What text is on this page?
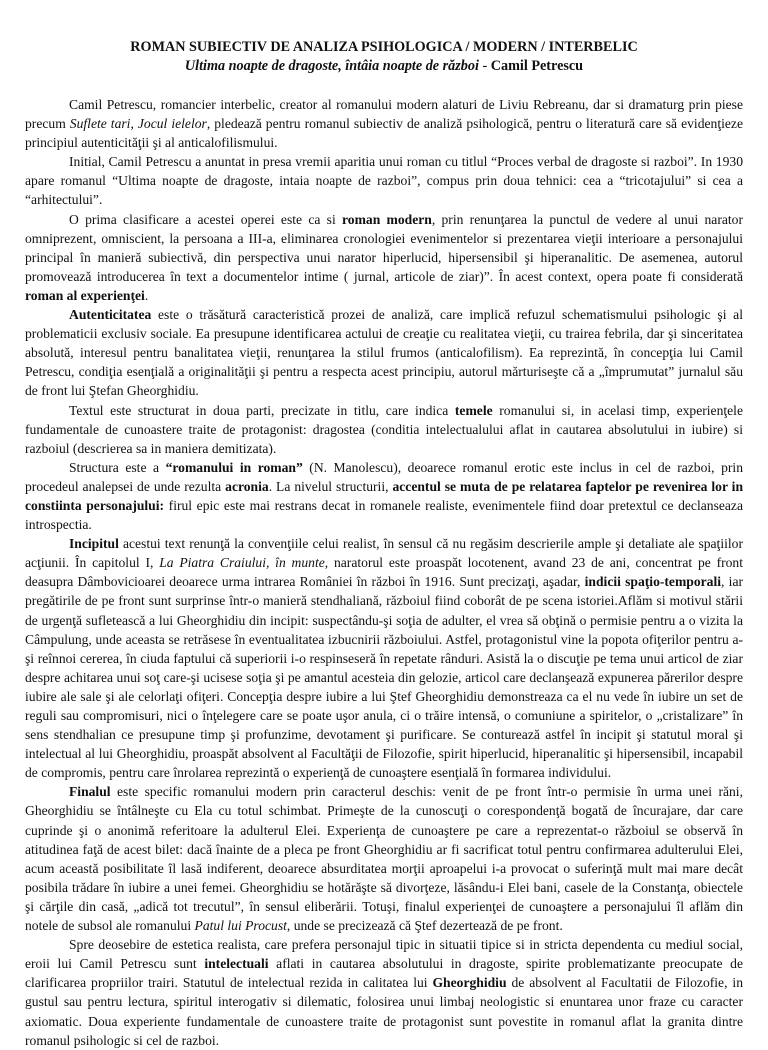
ROMAN SUBIECTIV DE ANALIZA PSIHOLOGICA / MODERN / INTERBELIC
Ultima noapte de dragoste, întâia noapte de război - Camil Petrescu

Camil Petrescu, romancier interbelic, creator al romanului modern alaturi de Liviu Rebreanu, dar si dramaturg prin piese precum Suflete tari, Jocul ielelor, pledează pentru romanul subiectiv de analiză psihologică, pentru o literatură care să evidenţieze principiul autenticităţii şi al anticalofilismului.

Initial, Camil Petrescu a anuntat in presa vremii aparitia unui roman cu titlul “Proces verbal de dragoste si razboi”. In 1930 apare romanul “Ultima noapte de dragoste, intaia noapte de razboi”, compus prin doua tehnici: cea a “tricotajului” si cea a “arhitectului”.

O prima clasificare a acestei operei este ca si roman modern, prin renunţarea la punctul de vedere al unui narator omniprezent, omniscient, la persoana a III-a, eliminarea cronologiei evenimentelor si prezentarea vieţii interioare a personajului principal în manieră subiectivă, din perspectiva unui narator hiperlucid, hipersensibil şi hiperanalitic. De asemenea, autorul promovează introducerea în text a documentelor intime ( jurnal, articole de ziar)”. În acest context, opera poate fi considerată roman al experienţei.

Autenticitatea este o trăsătură caracteristică prozei de analiză, care implică refuzul schematismului psihologic şi al problematicii exclusiv sociale. Ea presupune identificarea actului de creaţie cu realitatea vieţii, cu trairea febrila, dar şi sinceritatea absolută, interesul pentru banalitatea vieţii, renunţarea la stilul frumos (anticalofilism). Ea reprezintă, în concepţia lui Camil Petrescu, condiţia esenţială a originalităţii şi pentru a respecta acest principiu, autorul mărturiseşte că a „împrumutat” jurnalul său de front lui Ştefan Gheorghidiu.

Textul este structurat in doua parti, precizate in titlu, care indica temele romanului si, in acelasi timp, experienţele fundamentale de cunoastere traite de protagonist: dragostea (conditia intelectualului aflat in cautarea absolutului in iubire) si razboiul (descrierea sa in maniera demitizata).

Structura este a “romanului in roman” (N. Manolescu), deoarece romanul erotic este inclus in cel de razboi, prin procedeul analepsei de unde rezulta acronia. La nivelul structurii, accentul se muta de pe relatarea faptelor pe revenirea lor in constiinta personajului: firul epic este mai restrans decat in romanele realiste, evenimentele fiind doar pretextul ce declanseaza introspectia.

Incipitul acestui text renunţă la convenţiile celui realist, în sensul că nu regăsim descrierile ample şi detaliate ale spaţiilor acţiunii. În capitolul I, La Piatra Craiului, în munte, naratorul este proaspăt locotenent, avand 23 de ani, concentrat pe front deasupra Dâmbovicioarei deoarece urma intrarea României în război în 1916. Sunt precizaţi, aşadar, indicii spaţio-temporali, iar pregătirile de pe front sunt surprinse într-o manieră stendhaliană, războiul fiind coborât de pe scena istoriei.Aflăm si motivul stării de urgenţă sufletească a lui Gheorghidiu din incipit: suspectându-şi soţia de adulter, el vrea să obţină o permisie pentru a o vizita la Câmpulung, unde aceasta se retrăsese în eventualitatea izbucnirii războiului. Astfel, protagonistul vine la popota ofiţerilor pentru a-şi reînnoi cererea, în ciuda faptului că superiorii i-o respinseseră în repetate rânduri. Asistă la o discuţie pe tema unui articol de ziar despre achitarea unui soţ care-şi ucisese soţia şi pe amantul acesteia din gelozie, articol care declanşează expunerea părerilor despre iubire ale sale şi ale celorlaţi ofiţeri. Concepţia despre iubire a lui Ştef Gheorghidiu demonstreaza ca el nu vede în iubire un set de reguli sau compromisuri, nici o înţelegere care se poate uşor anula, ci o trăire intensă, o comuniune a spiritelor, o „cristalizare” în sens stendhalian ce presupune timp şi profunzime, devotament şi purificare. Se conturează astfel în incipit şi statutul moral şi intelectual al lui Gheorghidiu, proaspăt absolvent al Facultăţii de Filozofie, spirit hiperlucid, hiperanalitic şi hipersensibil, incapabil de compromis, pentru care înrolarea reprezintă o experienţă de cunoaştere esenţială în formarea individului.

Finalul este specific romanului modern prin caracterul deschis: venit de pe front într-o permisie în urma unei răni, Gheorghidiu se întâlneşte cu Ela cu totul schimbat. Primeşte de la cunoscuţi o corespondenţă bogată de încurajare, dar care cuprinde şi o anonimă referitoare la adulterul Elei. Experienţa de cunoaştere pe care a reprezentat-o războiul se observă în atitudinea faţă de acest bilet: dacă înainte de a pleca pe front Gheorghidiu ar fi sacrificat totul pentru confirmarea adulterului Elei, acum această posibilitate îl lasă indiferent, deoarece absurditatea morţii aproapelui i-a provocat o suferinţă mult mai mare decât posibila trădare în iubire a unei femei. Gheorghidiu se hotărăşte să divorţeze, lăsându-i Elei bani, casele de la Constanţa, obiectele şi cărţile din casă, „adică tot trecutul”, în sensul eliberării. Totuşi, finalul experienţei de cunoaştere a personajului îl aflăm din notele de subsol ale romanului Patul lui Procust, unde se precizează că Ştef dezertează de pe front.

Spre deosebire de estetica realista, care prefera personajul tipic in situatii tipice si in stricta dependenta cu mediul social, eroii lui Camil Petrescu sunt intelectuali aflati in cautarea absolutului in dragoste, spirite problematizante preocupate de clarificarea propriilor trairi. Statutul de intelectual rezida in calitatea lui Gheorghidiu de absolvent al Facultatii de Filozofie, in gustul sau pentru lectura, spiritul interogativ si dilematic, folosirea unui limbaj neologistic si enuntarea unor fraze cu caracter axiomatic. Doua experiente fundamentale de cunoastere traite de protagonist sunt povestite in romanul aflat la granita dintre romanul psihologic si cel de razboi.
